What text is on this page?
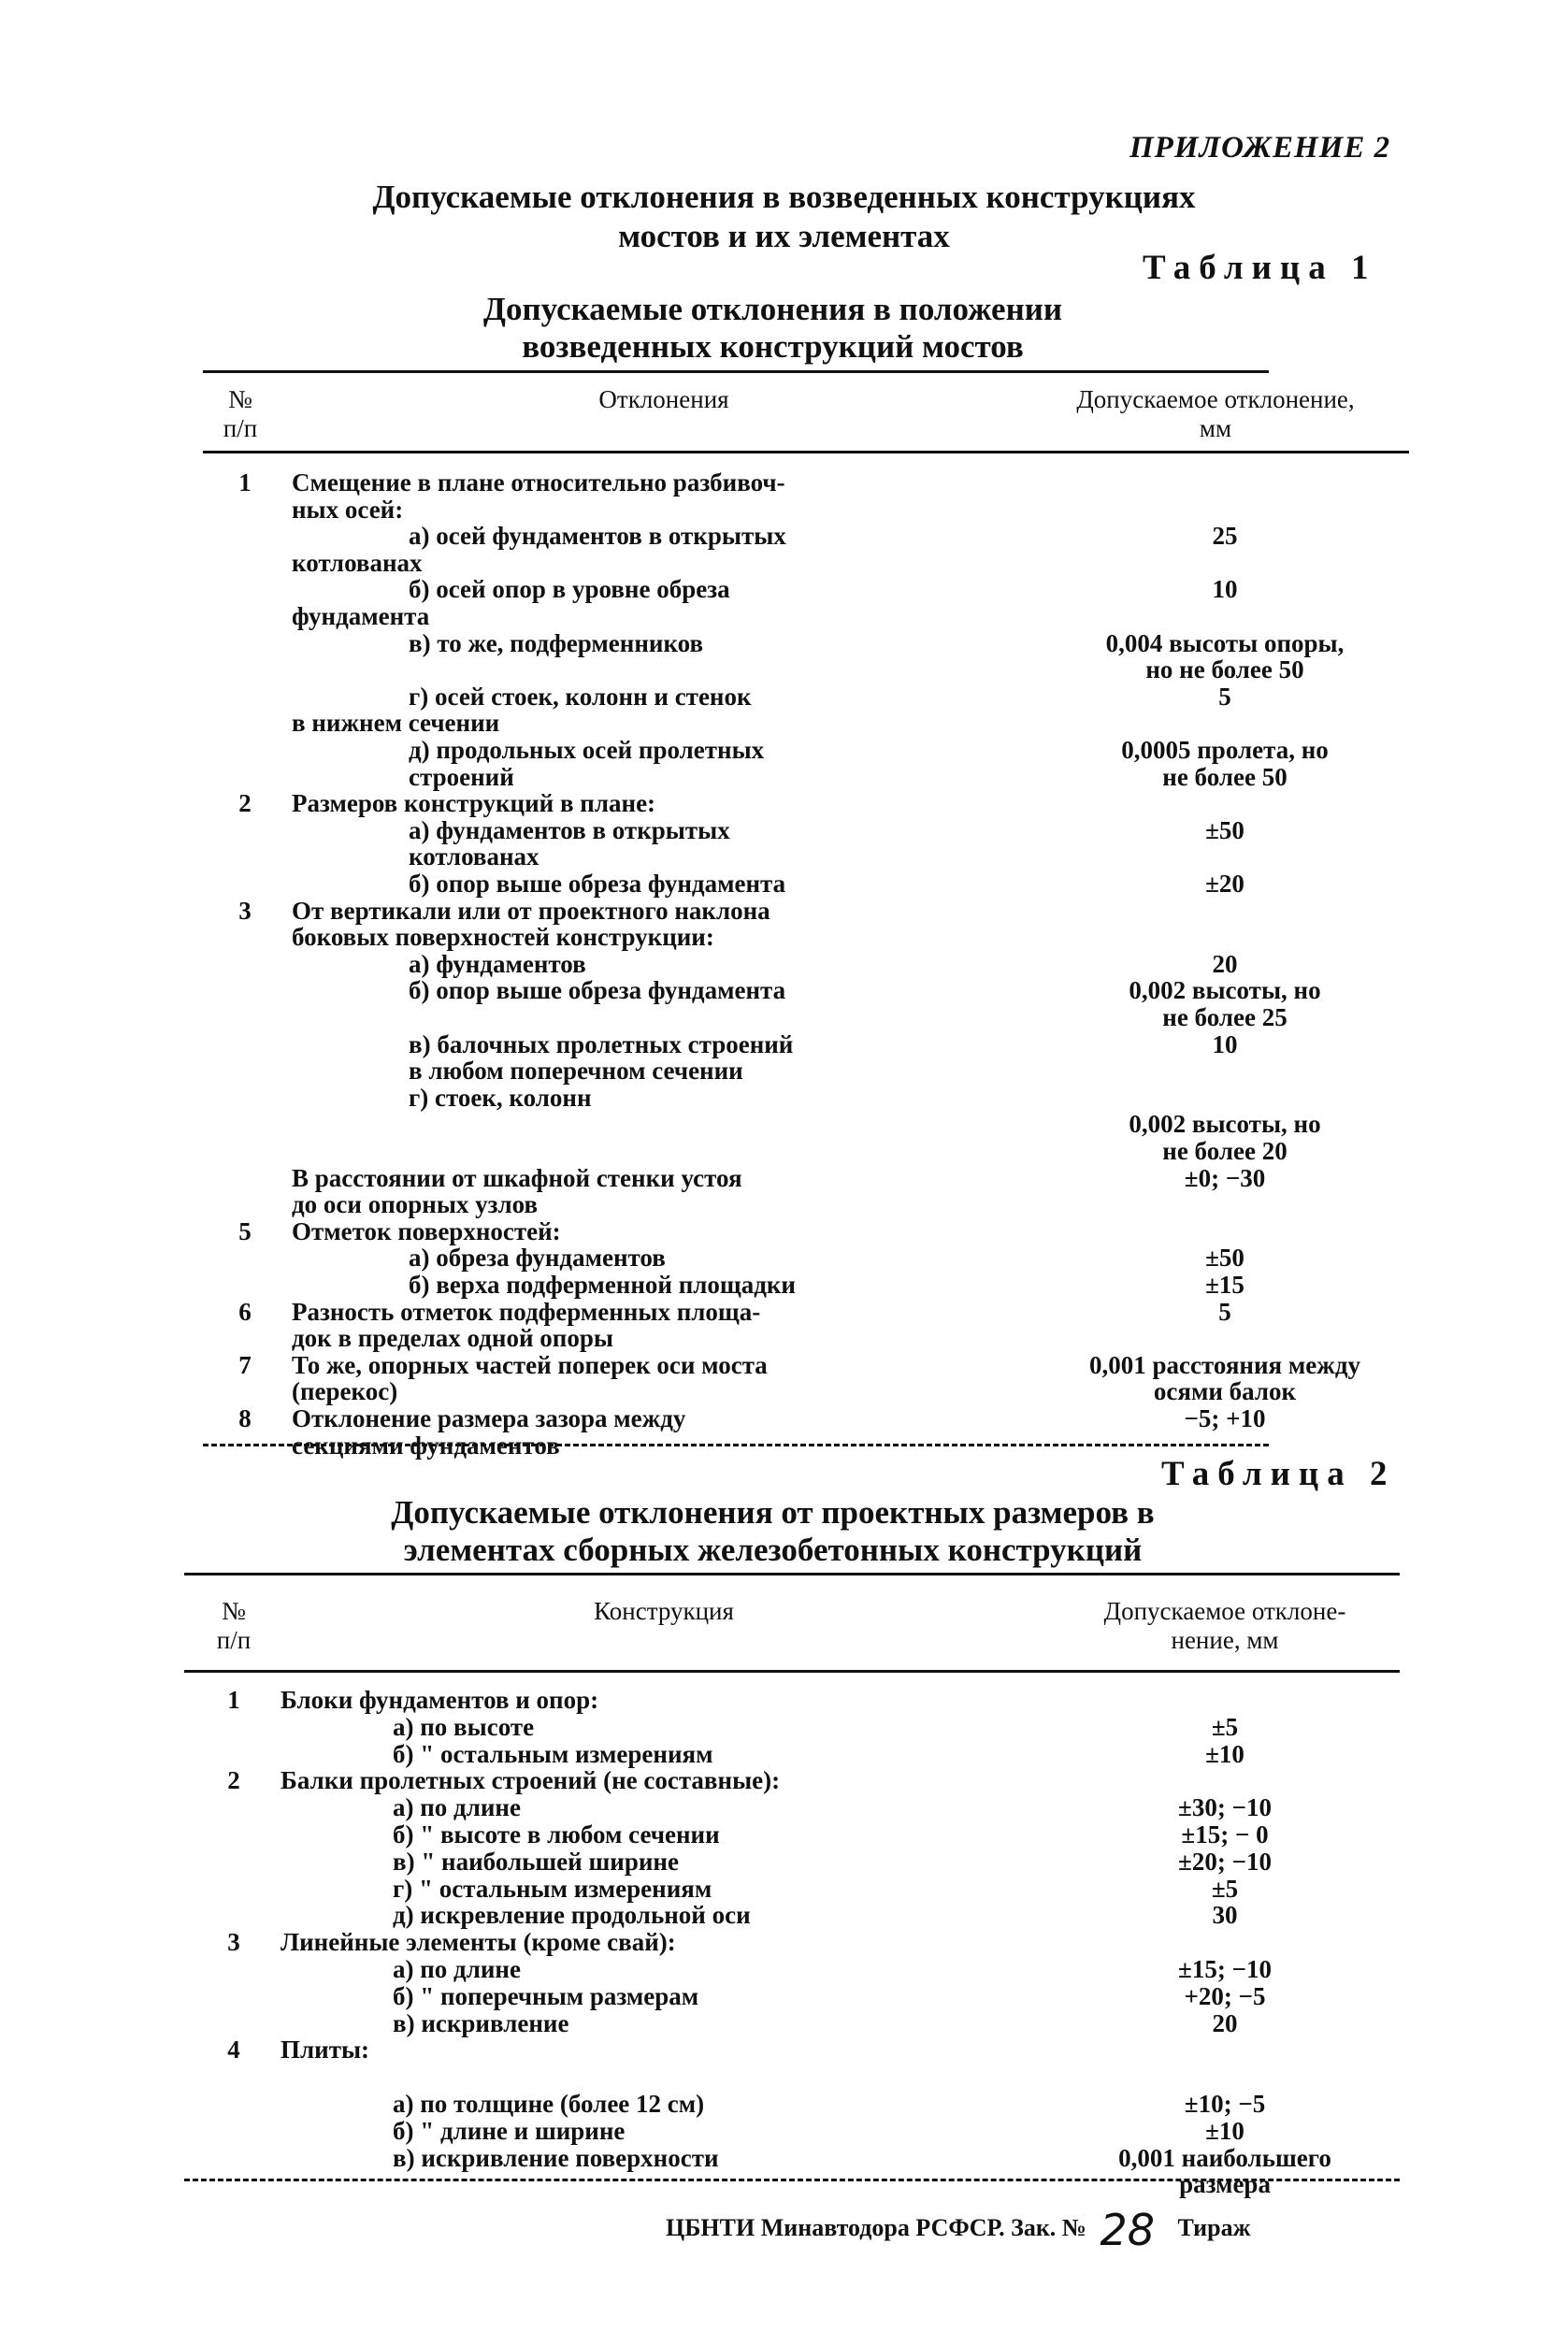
ПРИЛОЖЕНИЕ 2
Допускаемые отклонения в возведенных конструкциях
мостов и их элементах
Таблица 1
Допускаемые отклонения в положении
возведенных конструкций мостов
№
п/п
Отклонения	Допускаемое отклонение,
мм
1	Смещение в плане относительно разбивоч-
ных осей:
а) осей фундаментов в открытых	25
котлованах
б) осей опор в уровне обреза	10
фундамента
в) то же, подферменников	0,004 высоты опоры,
но не более 50
г) осей стоек, колонн и стенок	5
в нижнем сечении
д) продольных осей пролетных	0,0005 пролета, но
строений	не более 50
2	Размеров конструкций в плане:
а) фундаментов в открытых	±50
котлованах
б) опор выше обреза фундамента	±20
3	От вертикали или от проектного наклона
боковых поверхностей конструкции:
а) фундаментов	20
б) опор выше обреза фундамента	0,002 высоты, но
не более 25
в) балочных пролетных строений	10
в любом поперечном сечении
г) стоек, колонн
0,002 высоты, но
не более 20
В расстоянии от шкафной стенки устоя	±0; −30
до оси опорных узлов
5	Отметок поверхностей:
а) обреза фундаментов	±50
б) верха подферменной площадки	±15
6	Разность отметок подферменных площа-	5
док в пределах одной опоры
7	То же, опорных частей поперек оси моста	0,001 расстояния между
(перекос)	осями балок
8	Отклонение размера зазора между	−5; +10
секциями фундаментов
Таблица 2
Допускаемые отклонения от проектных размеров в
элементах сборных железобетонных конструкций
№
п/п
Конструкция	Допускаемое отклоне-
нение, мм
1	Блоки фундаментов и опор:
а) по высоте	±5
б) " остальным измерениям	±10
2	Балки пролетных строений (не составные):
а) по длине	±30; −10
б) " высоте в любом сечении	±15; − 0
в) " наибольшей ширине	±20; −10
г) " остальным измерениям	±5
д) искревление продольной оси	30
3	Линейные элементы (кроме свай):
а) по длине	±15; −10
б) " поперечным размерам	+20; −5
в) искривление	20
4	Плиты:
а) по толщине (более 12 см)	±10; −5
б) " длине и ширине	±10
в) искривление поверхности	0,001 наибольшего
размера
ЦБНТИ Минавтодора РСФСР. Зак. № 28 Тираж
